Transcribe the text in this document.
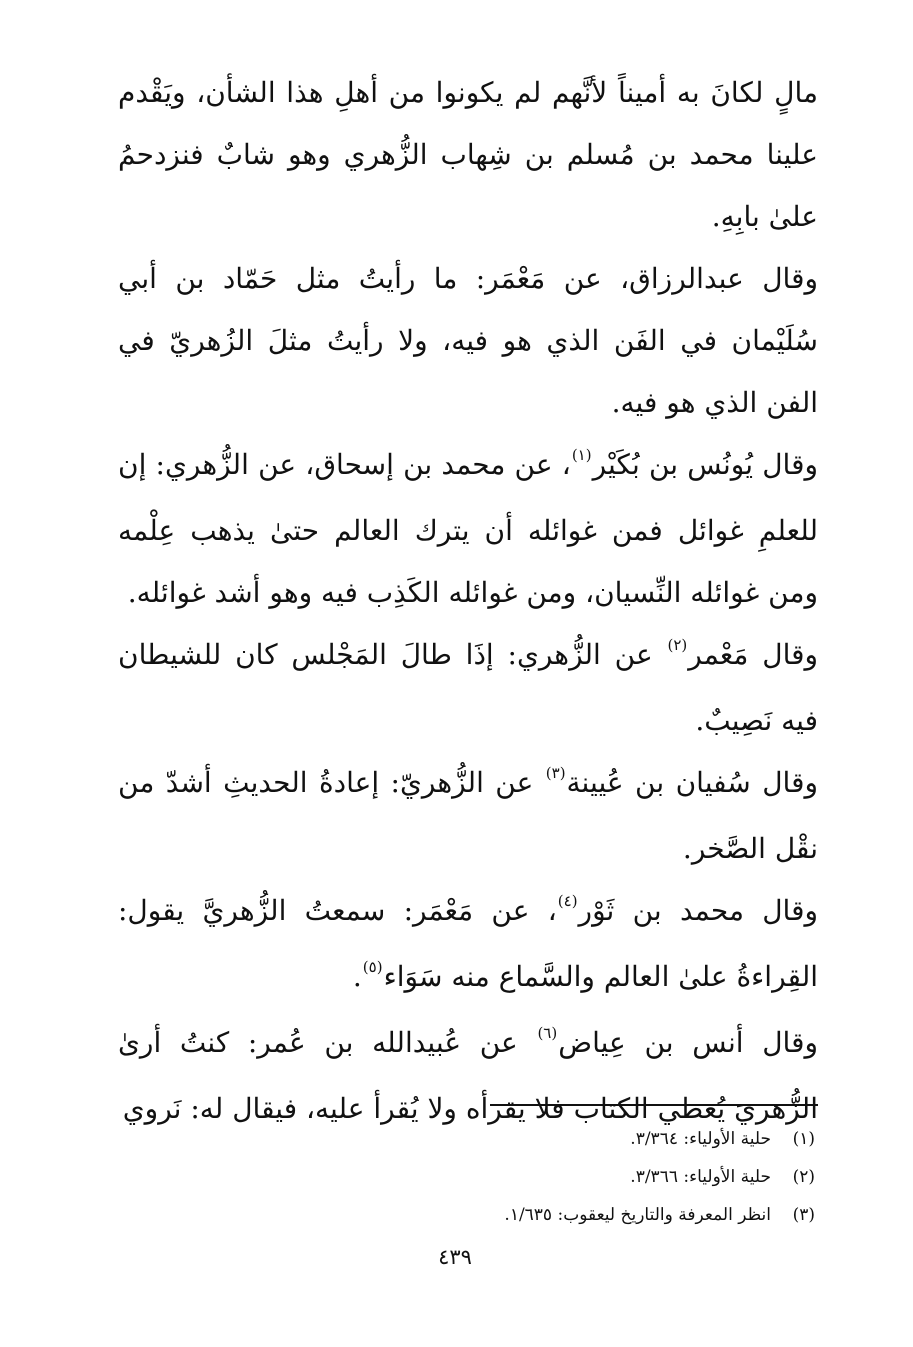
مالٍ لكانَ به أميناً لأنَّهم لم يكونوا من أهلِ هذا الشأن، ويَقْدم علينا محمد بن مُسلم بن شِهاب الزُّهري وهو شابٌ فنزدحمُ علىٰ بابِهِ.

وقال عبدالرزاق، عن مَعْمَر: ما رأيتُ مثل حَمّاد بن أبي سُلَيْمان في الفَن الذي هو فيه، ولا رأيتُ مثلَ الزُهريّ في الفن الذي هو فيه.

وقال يُونُس بن بُكَيْر$^{(١)}$، عن محمد بن إسحاق، عن الزُّهري: إن للعلمِ غوائل فمن غوائله أن يترك العالم حتىٰ يذهب عِلْمه ومن غوائله النِّسيان، ومن غوائله الكَذِب فيه وهو أشد غوائله.

وقال مَعْمر$^{(٢)}$ عن الزُّهري: إذَا طالَ المَجْلس كان للشيطان فيه نَصِيبٌ.

وقال سُفيان بن عُيينة$^{(٣)}$ عن الزُّهريّ: إعادةُ الحديثِ أشدّ من نقْل الصَّخر.

وقال محمد بن ثَوْر$^{(٤)}$، عن مَعْمَر: سمعتُ الزُّهريَّ يقول: القِراءةُ علىٰ العالم والسَّماع منه سَوَاء$^{(٥)}$.

وقال أنس بن عِياض$^{(٦)}$ عن عُبيدالله بن عُمر: كنتُ أرىٰ الزُّهريَ يُعطي الكتاب فلا يقرأه ولا يُقرأ عليه، فيقال له: نَروي

(١)حلية الأولياء: ٣/٣٦٤.
(٢)حلية الأولياء: ٣/٣٦٦.
(٣)انظر المعرفة والتاريخ ليعقوب: ١/٦٣٥.
٤٣٩
